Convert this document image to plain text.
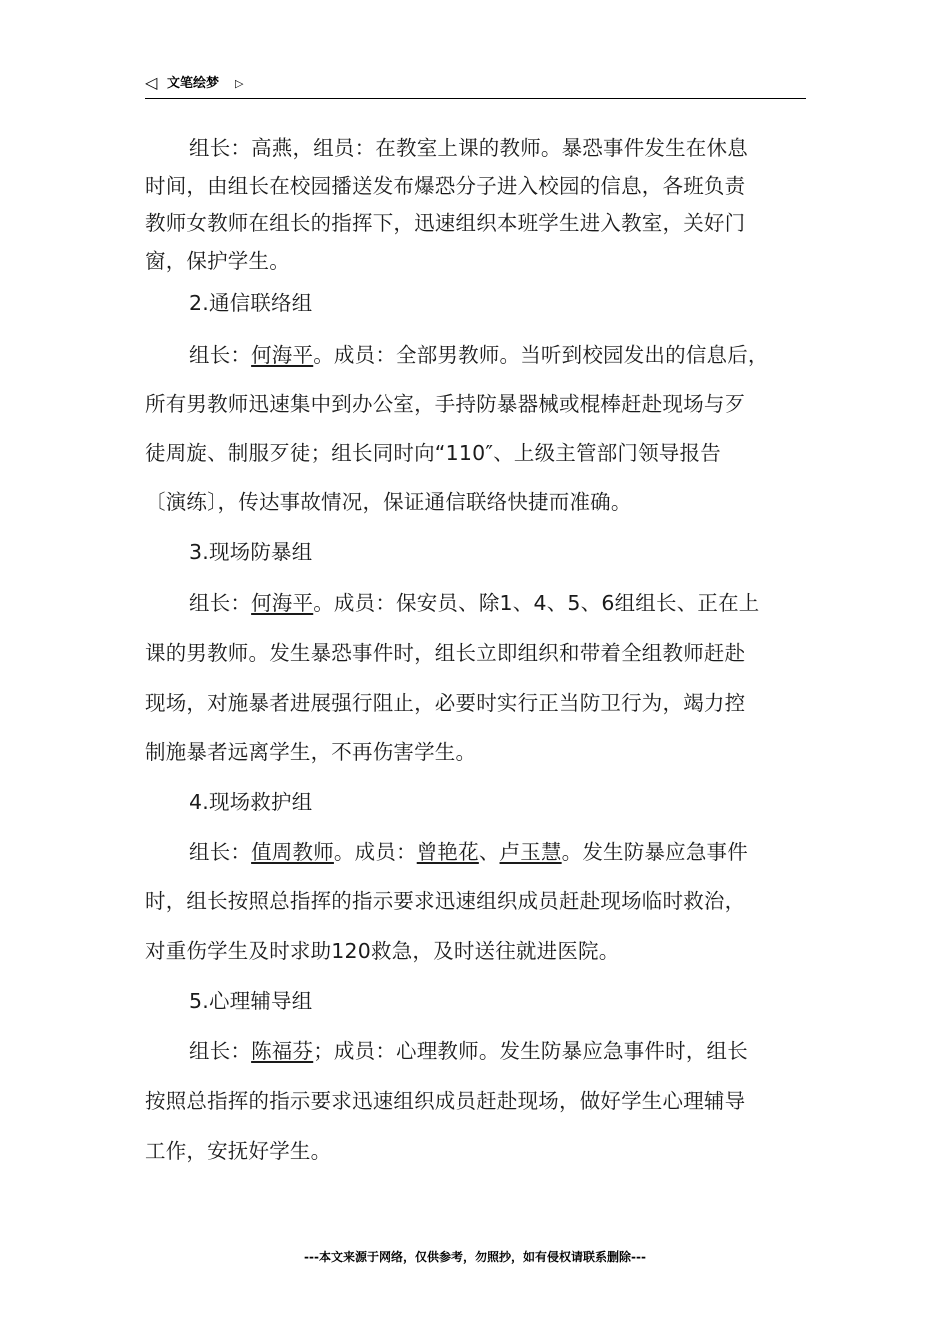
◁ 文笔绘梦 ▷
组长：高燕，组员：在教室上课的教师。暴恐事件发生在休息
时间，由组长在校园播送发布爆恐分子进入校园的信息，各班负责
教师女教师在组长的指挥下，迅速组织本班学生进入教室，关好门
窗，保护学生。
2.通信联络组
组长：何海平。成员：全部男教师。当听到校园发出的信息后，
所有男教师迅速集中到办公室，手持防暴器械或棍棒赶赴现场与歹
徒周旋、制服歹徒；组长同时向“110″、上级主管部门领导报告
〔演练〕，传达事故情况，保证通信联络快捷而准确。
3.现场防暴组
组长：何海平。成员：保安员、除1、4、5、6组组长、正在上
课的男教师。发生暴恐事件时，组长立即组织和带着全组教师赶赴
现场，对施暴者进展强行阻止，必要时实行正当防卫行为，竭力控
制施暴者远离学生，不再伤害学生。
4.现场救护组
组长：值周教师。成员：曾艳花、卢玉慧。发生防暴应急事件
时，组长按照总指挥的指示要求迅速组织成员赶赴现场临时救治，
对重伤学生及时求助120救急，及时送往就进医院。
5.心理辅导组
组长：陈福芬；成员：心理教师。发生防暴应急事件时，组长
按照总指挥的指示要求迅速组织成员赶赴现场，做好学生心理辅导
工作，安抚好学生。
---本文来源于网络，仅供参考，勿照抄，如有侵权请联系删除---
